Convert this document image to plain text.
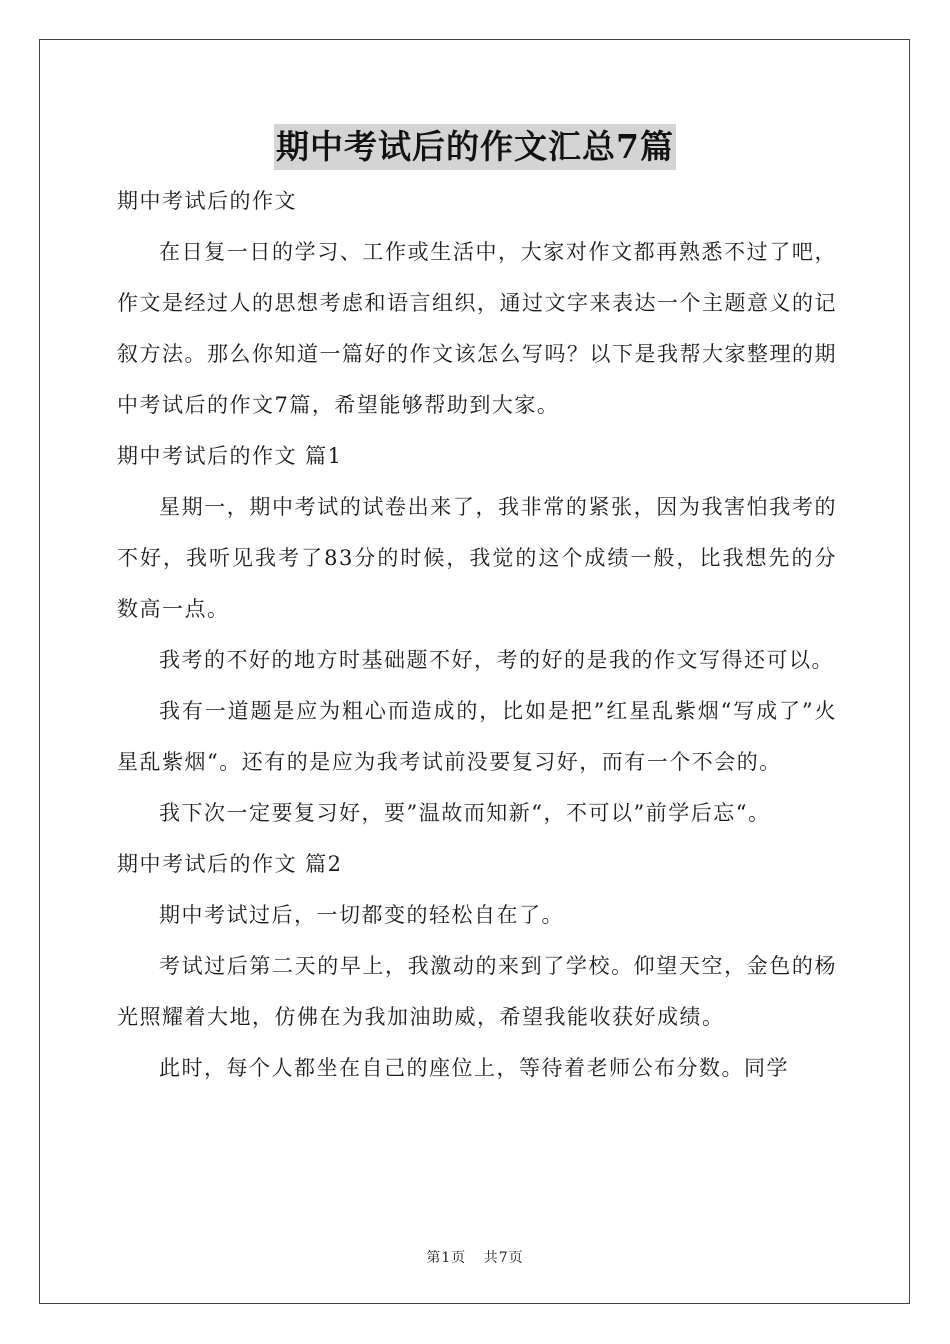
期中考试后的作文汇总7篇
期中考试后的作文

在日复一日的学习、工作或生活中，大家对作文都再熟悉不过了吧，作文是经过人的思想考虑和语言组织，通过文字来表达一个主题意义的记叙方法。那么你知道一篇好的作文该怎么写吗？以下是我帮大家整理的期中考试后的作文7篇，希望能够帮助到大家。

期中考试后的作文 篇1

星期一，期中考试的试卷出来了，我非常的紧张，因为我害怕我考的不好，我听见我考了83分的时候，我觉的这个成绩一般，比我想先的分数高一点。

我考的不好的地方时基础题不好，考的好的是我的作文写得还可以。

我有一道题是应为粗心而造成的，比如是把”红星乱紫烟“写成了”火星乱紫烟“。还有的是应为我考试前没要复习好，而有一个不会的。

我下次一定要复习好，要”温故而知新“，不可以”前学后忘“。

期中考试后的作文 篇2

期中考试过后，一切都变的轻松自在了。

考试过后第二天的早上，我激动的来到了学校。仰望天空，金色的杨光照耀着大地，仿佛在为我加油助威，希望我能收获好成绩。

此时，每个人都坐在自己的座位上，等待着老师公布分数。同学

第1页 共7页
